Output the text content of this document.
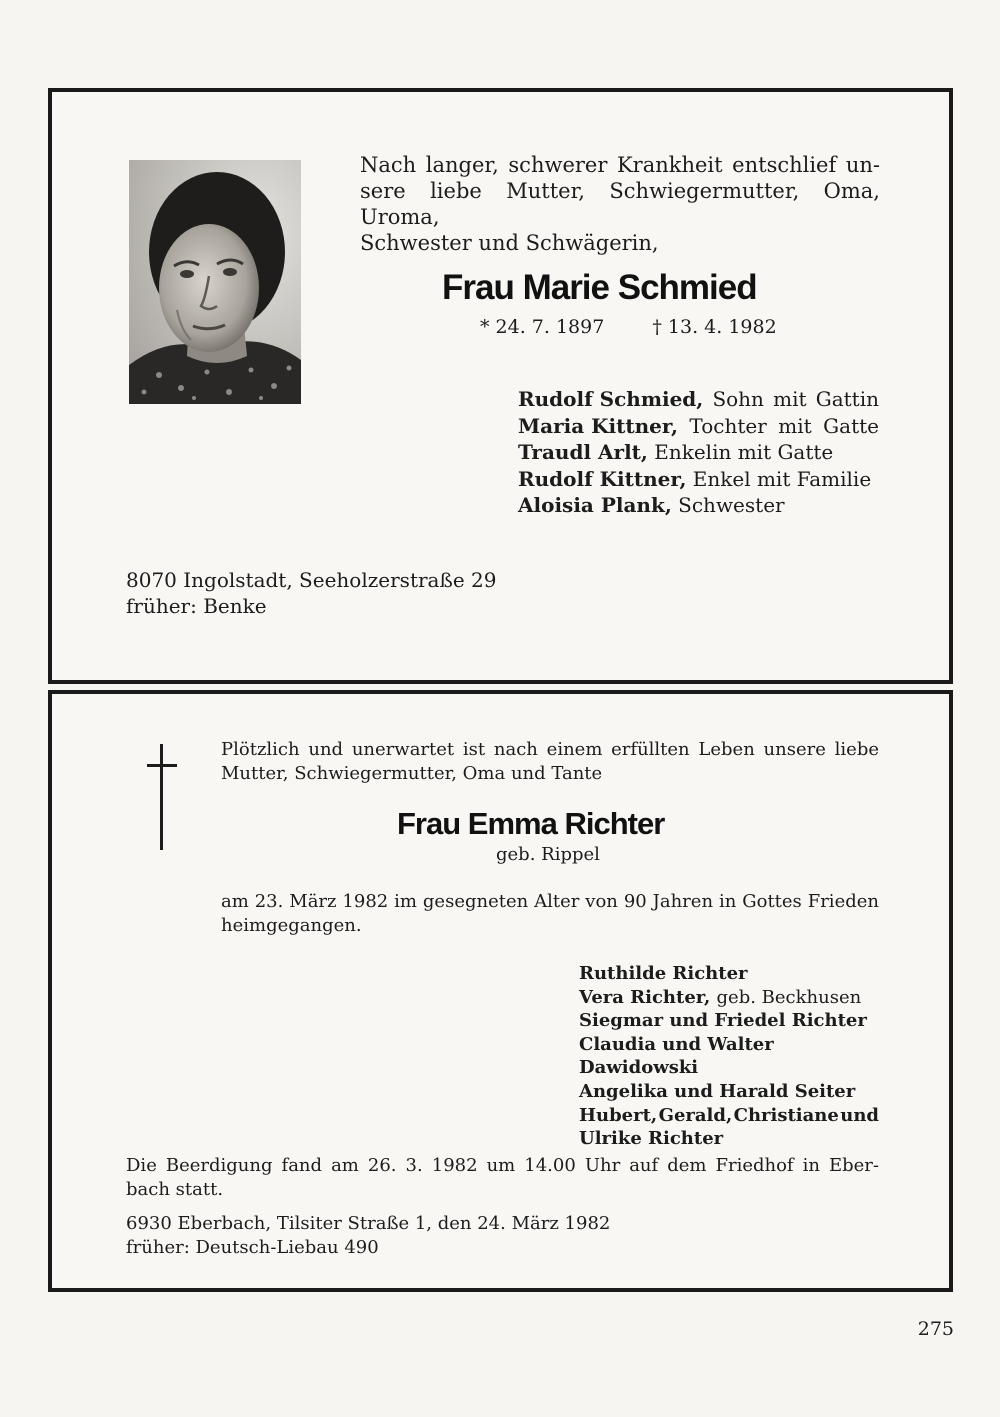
Nach langer, schwerer Krankheit entschlief un-
sere liebe Mutter, Schwiegermutter, Oma, Uroma,
Schwester und Schwägerin,
Frau Marie Schmied
* 24. 7. 1897	† 13. 4. 1982
Rudolf Schmied, Sohn mit Gattin
Maria Kittner, Tochter mit Gatte
Traudl Arlt, Enkelin mit Gatte
Rudolf Kittner, Enkel mit Familie
Aloisia Plank, Schwester
8070 Ingolstadt, Seeholzerstraße 29
früher: Benke
Plötzlich und unerwartet ist nach einem erfüllten Leben unsere liebe
Mutter, Schwiegermutter, Oma und Tante
Frau Emma Richter
geb. Rippel
am 23. März 1982 im gesegneten Alter von 90 Jahren in Gottes Frieden
heimgegangen.
Ruthilde Richter
Vera Richter, geb. Beckhusen
Siegmar und Friedel Richter
Claudia und Walter Dawidowski
Angelika und Harald Seiter
Hubert, Gerald, Christiane und
Ulrike Richter
Die Beerdigung fand am 26. 3. 1982 um 14.00 Uhr auf dem Friedhof in Eber-
bach statt.
6930 Eberbach, Tilsiter Straße 1, den 24. März 1982
früher: Deutsch-Liebau 490
275
